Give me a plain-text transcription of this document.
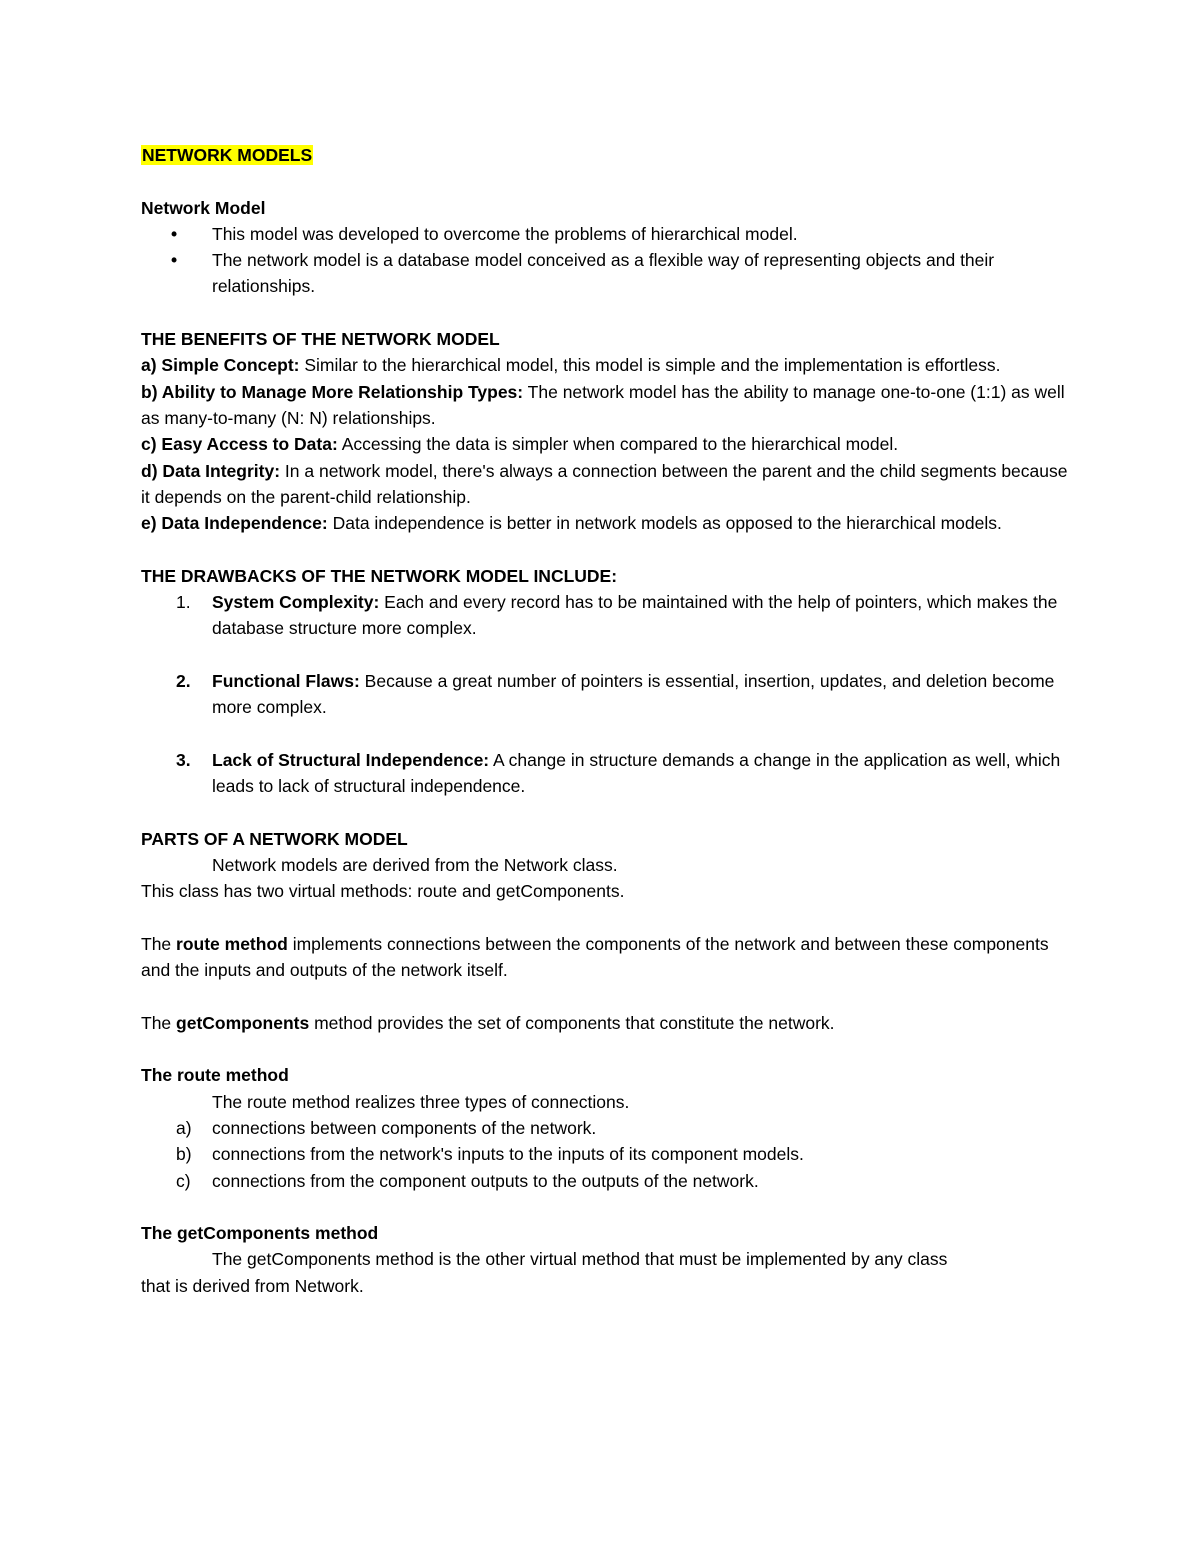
NETWORK MODELS

Network Model

• This model was developed to overcome the problems of hierarchical model.
• The network model is a database model conceived as a flexible way of representing objects and their relationships.

THE BENEFITS OF THE NETWORK MODEL

a) Simple Concept: Similar to the hierarchical model, this model is simple and the implementation is effortless.

b) Ability to Manage More Relationship Types: The network model has the ability to manage one-to-one (1:1) as well as many-to-many (N: N) relationships.

c) Easy Access to Data: Accessing the data is simpler when compared to the hierarchical model.

d) Data Integrity: In a network model, there's always a connection between the parent and the child segments because it depends on the parent-child relationship.

e) Data Independence: Data independence is better in network models as opposed to the hierarchical models.

THE DRAWBACKS OF THE NETWORK MODEL INCLUDE:

1. System Complexity: Each and every record has to be maintained with the help of pointers, which makes the database structure more complex.
2. Functional Flaws: Because a great number of pointers is essential, insertion, updates, and deletion become more complex.
3. Lack of Structural Independence: A change in structure demands a change in the application as well, which leads to lack of structural independence.

PARTS OF A NETWORK MODEL

Network models are derived from the Network class.

This class has two virtual methods: route and getComponents.

The route method implements connections between the components of the network and between these components and the inputs and outputs of the network itself.

The getComponents method provides the set of components that constitute the network.

The route method

The route method realizes three types of connections.

a) connections between components of the network.
b) connections from the network's inputs to the inputs of its component models.
c) connections from the component outputs to the outputs of the network.

The getComponents method

The getComponents method is the other virtual method that must be implemented by any class

that is derived from Network.
